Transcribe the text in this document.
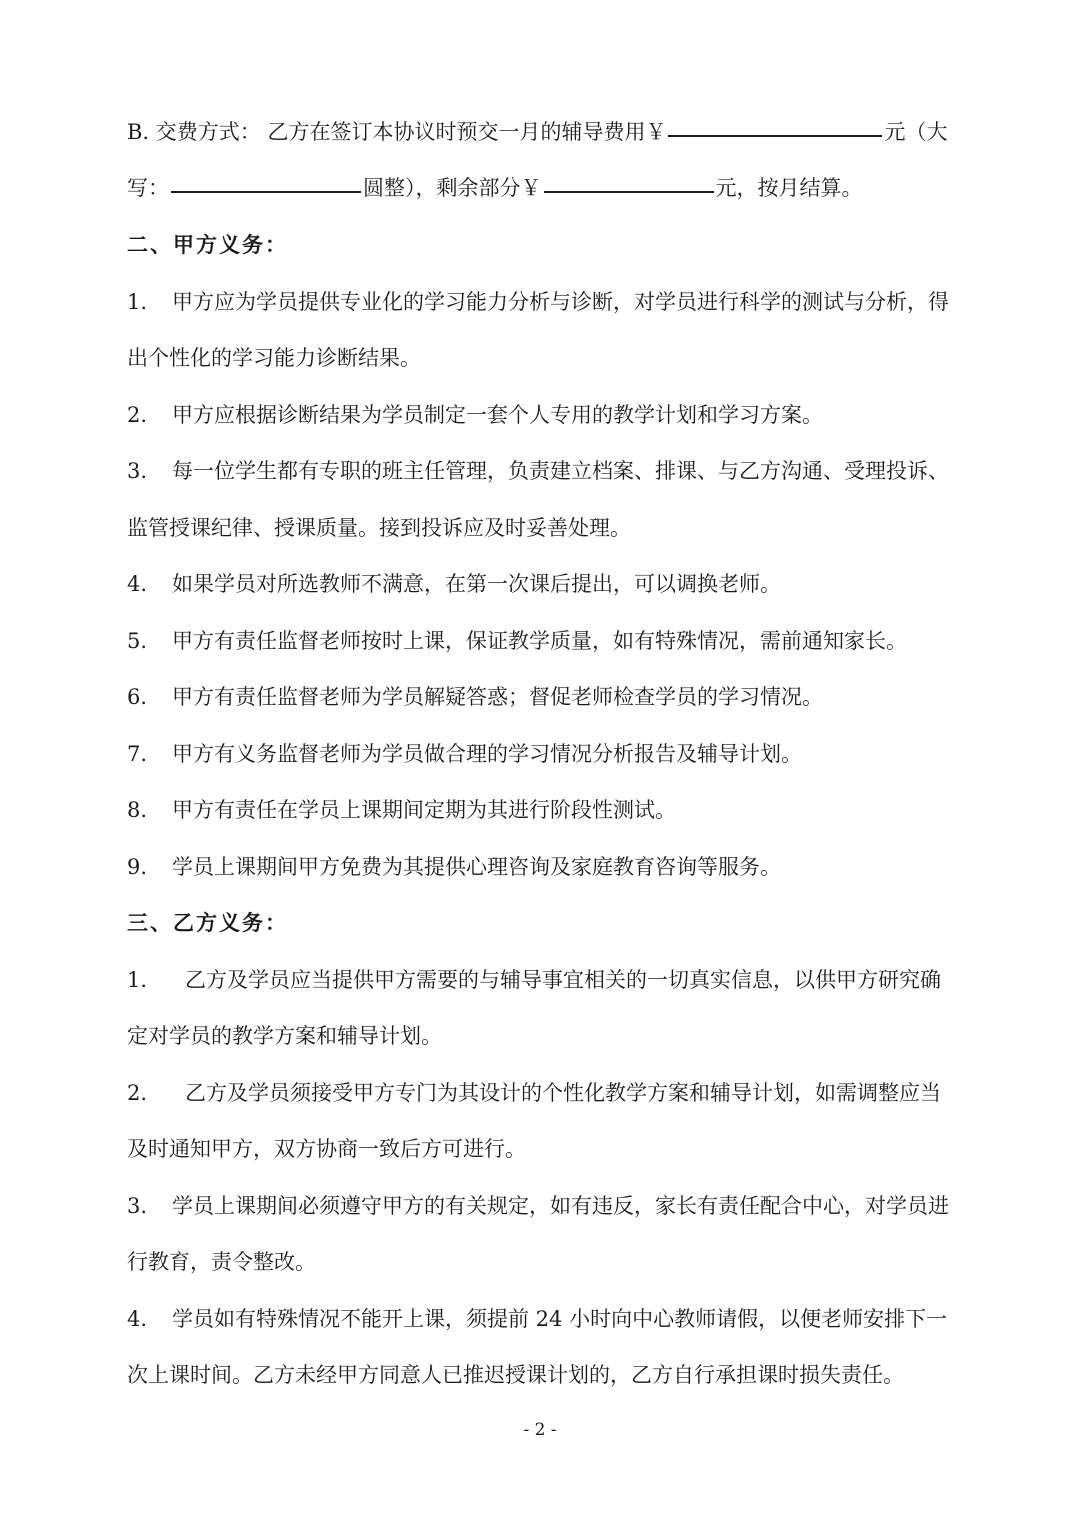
B. 交费方式： 乙方在签订本协议时预交一月的辅导费用￥	元（大
写：	圆整），剩余部分￥	元，按月结算。
二、甲方义务：
1. 甲方应为学员提供专业化的学习能力分析与诊断，对学员进行科学的测试与分析，得
出个性化的学习能力诊断结果。
2. 甲方应根据诊断结果为学员制定一套个人专用的教学计划和学习方案。
3. 每一位学生都有专职的班主任管理，负责建立档案、排课、与乙方沟通、受理投诉、
监管授课纪律、授课质量。接到投诉应及时妥善处理。
4. 如果学员对所选教师不满意，在第一次课后提出，可以调换老师。
5. 甲方有责任监督老师按时上课，保证教学质量，如有特殊情况，需前通知家长。
6. 甲方有责任监督老师为学员解疑答惑；督促老师检查学员的学习情况。
7. 甲方有义务监督老师为学员做合理的学习情况分析报告及辅导计划。
8. 甲方有责任在学员上课期间定期为其进行阶段性测试。
9. 学员上课期间甲方免费为其提供心理咨询及家庭教育咨询等服务。
三、乙方义务：
1. 乙方及学员应当提供甲方需要的与辅导事宜相关的一切真实信息，以供甲方研究确
定对学员的教学方案和辅导计划。
2. 乙方及学员须接受甲方专门为其设计的个性化教学方案和辅导计划，如需调整应当
及时通知甲方，双方协商一致后方可进行。
3. 学员上课期间必须遵守甲方的有关规定，如有违反，家长有责任配合中心，对学员进
行教育，责令整改。
4. 学员如有特殊情况不能开上课，须提前 24 小时向中心教师请假，以便老师安排下一
次上课时间。乙方未经甲方同意人已推迟授课计划的，乙方自行承担课时损失责任。
- 2 -
